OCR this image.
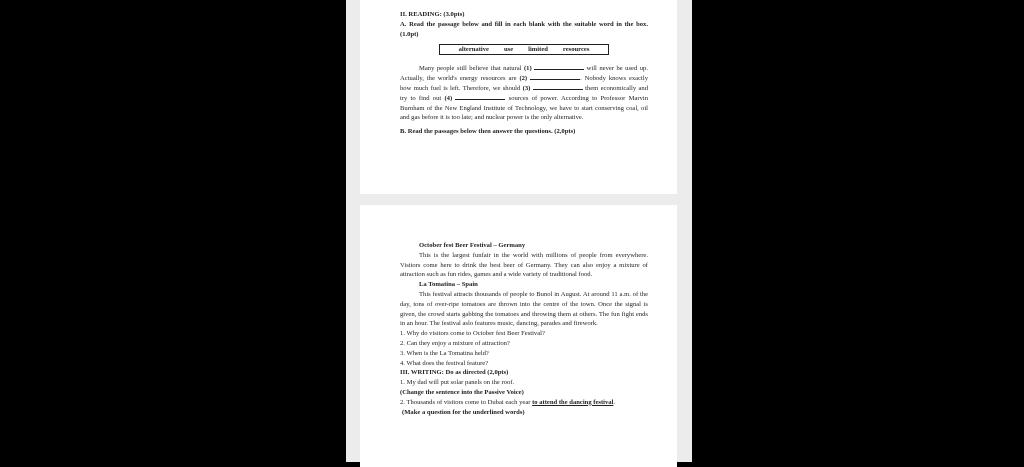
II. READING: (3.0pts)
A. Read the passage below and fill in each blank with the suitable word in the box. (1.0pt)
alternative use limited resources
Many people still believe that natural (1)	will never be used up. Actually, the world's energy resources are (2)	. Nobody knows exactly how much fuel is left. Therefore, we should (3)	them economically and try to find out (4)	sources of power. According to Professor Marvin Burnham of the New England Institute of Technology, we have to start conserving coal, oil and gas before it is too late; and nuclear power is the only alternative.
B. Read the passages below then answer the questions. (2,0pts)
October fest Beer Festival – Germany
This is the largest funfair in the world with millions of people from everywhere. Visitors come here to drink the best beer of Germany. They can also enjoy a mixture of attraction such as fun rides, games and a wide variety of traditional food.
La Tomatina – Spain
This festival attracts thousands of people to Bunol in August. At around 11 a.m. of the day, tons of over-ripe tomatoes are thrown into the centre of the town. Once the signal is given, the crowd starts gabbing the tomatoes and throwing them at others. The fun fight ends in an hour. The festival aslo features music, dancing, parades and firework.
1. Why do visitors come to October fest Beer Festival?
2. Can they enjoy a mixture of attraction?
3. When is the La Tomatina held?
4. What does the festival feature?
III. WRITING: Do as directed (2,0pts)
1. My dad will put solar panels on the roof.
(Change the sentence into the Passive Voice)
2. Thousands of visitors come to Dubai each year to attend the dancing festival.
(Make a question for the underlined words)
